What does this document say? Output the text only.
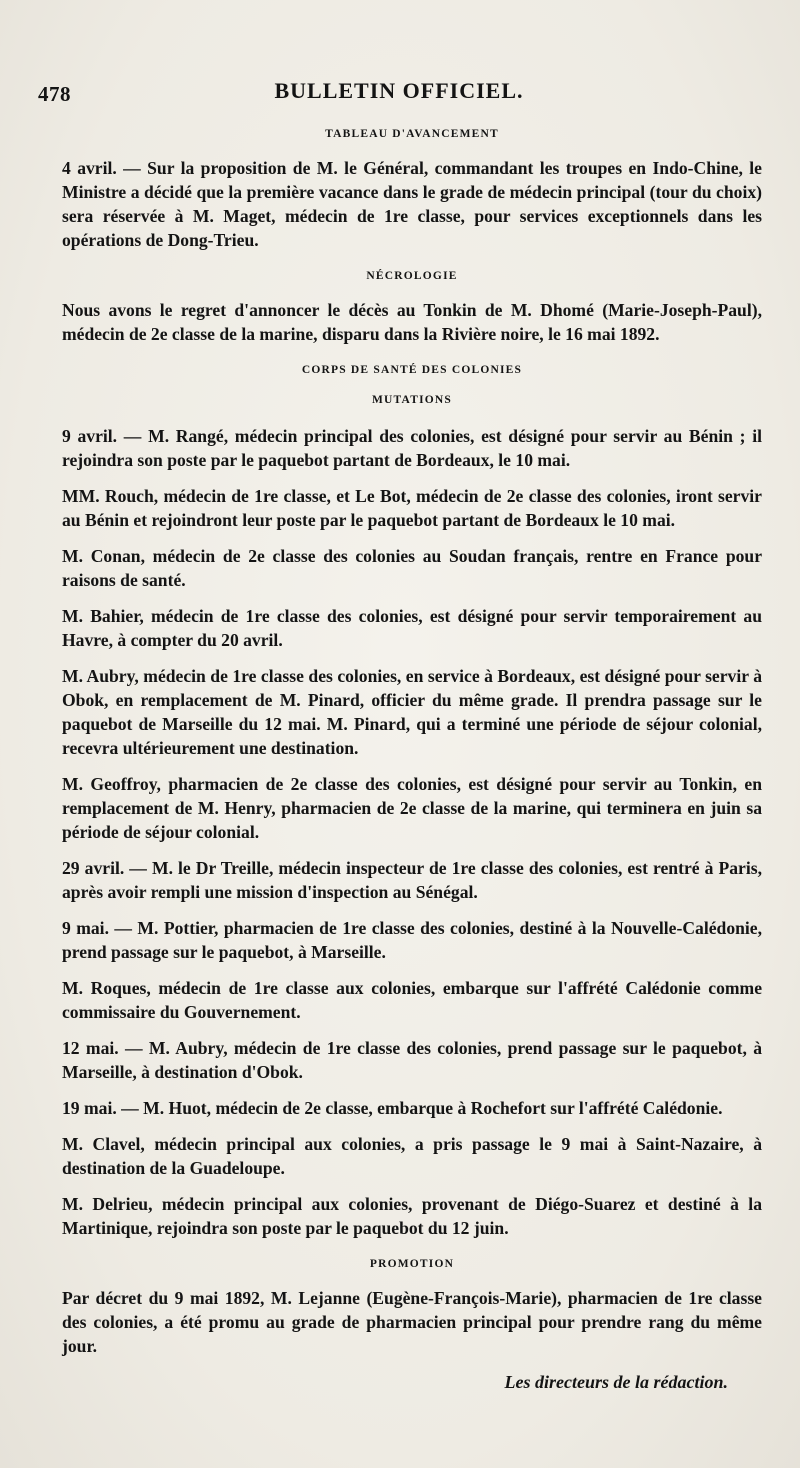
478	BULLETIN OFFICIEL.
TABLEAU D'AVANCEMENT

4 avril. — Sur la proposition de M. le Général, commandant les troupes en Indo-Chine, le Ministre a décidé que la première vacance dans le grade de médecin principal (tour du choix) sera réservée à M. Maget, médecin de 1re classe, pour services exceptionnels dans les opérations de Dong-Trieu.

NÉCROLOGIE

Nous avons le regret d'annoncer le décès au Tonkin de M. Dhomé (Marie-Joseph-Paul), médecin de 2e classe de la marine, disparu dans la Rivière noire, le 16 mai 1892.

CORPS DE SANTÉ DES COLONIES
MUTATIONS

9 avril. — M. Rangé, médecin principal des colonies, est désigné pour servir au Bénin ; il rejoindra son poste par le paquebot partant de Bordeaux, le 10 mai.

MM. Rouch, médecin de 1re classe, et Le Bot, médecin de 2e classe des colonies, iront servir au Bénin et rejoindront leur poste par le paquebot partant de Bordeaux le 10 mai.

M. Conan, médecin de 2e classe des colonies au Soudan français, rentre en France pour raisons de santé.

M. Bahier, médecin de 1re classe des colonies, est désigné pour servir temporairement au Havre, à compter du 20 avril.

M. Aubry, médecin de 1re classe des colonies, en service à Bordeaux, est désigné pour servir à Obok, en remplacement de M. Pinard, officier du même grade. Il prendra passage sur le paquebot de Marseille du 12 mai. M. Pinard, qui a terminé une période de séjour colonial, recevra ultérieurement une destination.

M. Geoffroy, pharmacien de 2e classe des colonies, est désigné pour servir au Tonkin, en remplacement de M. Henry, pharmacien de 2e classe de la marine, qui terminera en juin sa période de séjour colonial.

29 avril. — M. le Dr Treille, médecin inspecteur de 1re classe des colonies, est rentré à Paris, après avoir rempli une mission d'inspection au Sénégal.

9 mai. — M. Pottier, pharmacien de 1re classe des colonies, destiné à la Nouvelle-Calédonie, prend passage sur le paquebot, à Marseille.

M. Roques, médecin de 1re classe aux colonies, embarque sur l'affrété Calédonie comme commissaire du Gouvernement.

12 mai. — M. Aubry, médecin de 1re classe des colonies, prend passage sur le paquebot, à Marseille, à destination d'Obok.

19 mai. — M. Huot, médecin de 2e classe, embarque à Rochefort sur l'affrété Calédonie.

M. Clavel, médecin principal aux colonies, a pris passage le 9 mai à Saint-Nazaire, à destination de la Guadeloupe.

M. Delrieu, médecin principal aux colonies, provenant de Diégo-Suarez et destiné à la Martinique, rejoindra son poste par le paquebot du 12 juin.

PROMOTION

Par décret du 9 mai 1892, M. Lejanne (Eugène-François-Marie), pharmacien de 1re classe des colonies, a été promu au grade de pharmacien principal pour prendre rang du même jour.

Les directeurs de la rédaction.
